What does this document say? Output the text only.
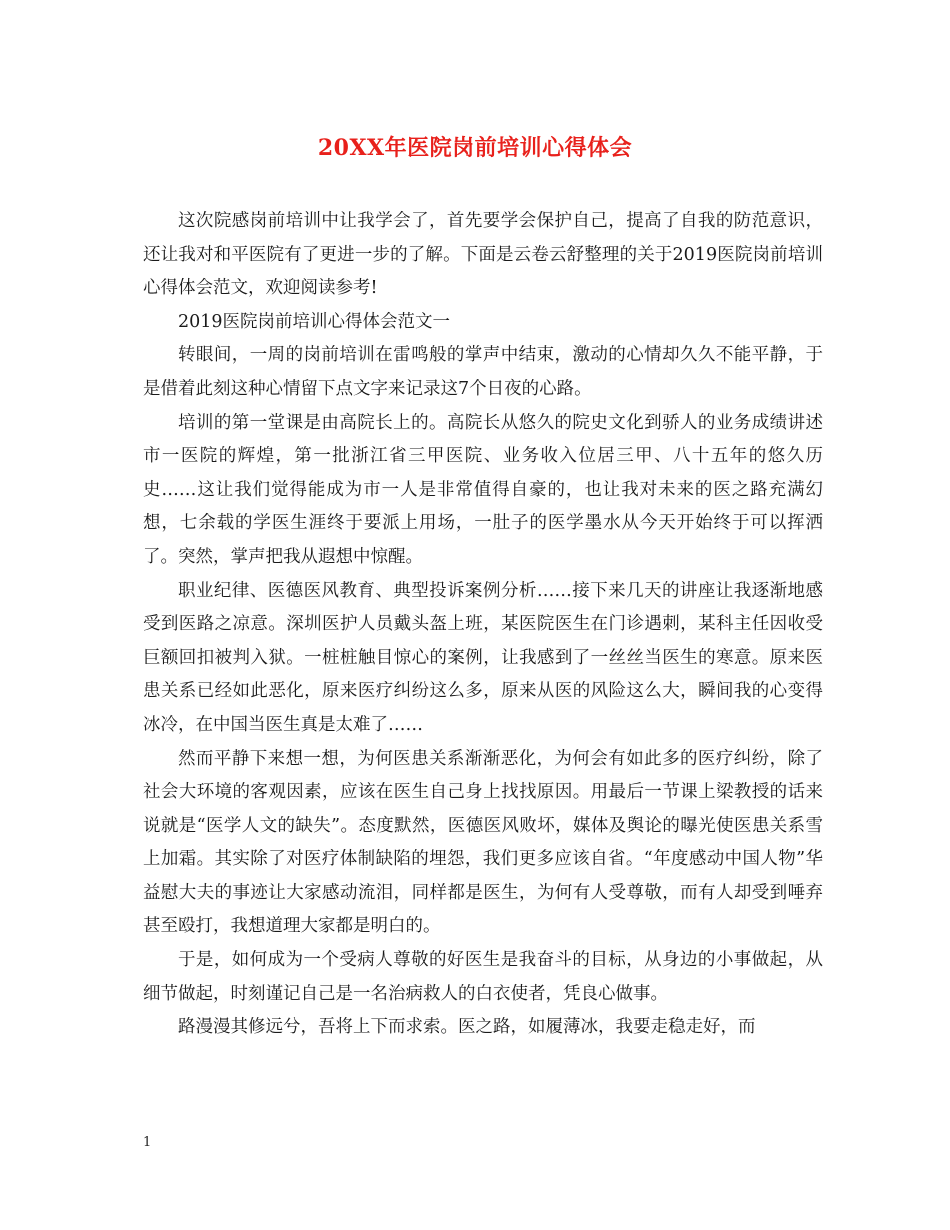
20XX年医院岗前培训心得体会

这次院感岗前培训中让我学会了，首先要学会保护自己，提高了自我的防范意识，还让我对和平医院有了更进一步的了解。下面是云卷云舒整理的关于2019医院岗前培训心得体会范文，欢迎阅读参考!

2019医院岗前培训心得体会范文一

转眼间，一周的岗前培训在雷鸣般的掌声中结束，激动的心情却久久不能平静，于是借着此刻这种心情留下点文字来记录这7个日夜的心路。

培训的第一堂课是由高院长上的。高院长从悠久的院史文化到骄人的业务成绩讲述市一医院的辉煌，第一批浙江省三甲医院、业务收入位居三甲、八十五年的悠久历史……这让我们觉得能成为市一人是非常值得自豪的，也让我对未来的医之路充满幻想，七余载的学医生涯终于要派上用场，一肚子的医学墨水从今天开始终于可以挥洒了。突然，掌声把我从遐想中惊醒。

职业纪律、医德医风教育、典型投诉案例分析……接下来几天的讲座让我逐渐地感受到医路之凉意。深圳医护人员戴头盔上班，某医院医生在门诊遇刺，某科主任因收受巨额回扣被判入狱。一桩桩触目惊心的案例，让我感到了一丝丝当医生的寒意。原来医患关系已经如此恶化，原来医疗纠纷这么多，原来从医的风险这么大，瞬间我的心变得冰冷，在中国当医生真是太难了……

然而平静下来想一想，为何医患关系渐渐恶化，为何会有如此多的医疗纠纷，除了社会大环境的客观因素，应该在医生自己身上找找原因。用最后一节课上梁教授的话来说就是“医学人文的缺失”。态度默然，医德医风败坏，媒体及舆论的曝光使医患关系雪上加霜。其实除了对医疗体制缺陷的埋怨，我们更多应该自省。“年度感动中国人物”华益慰大夫的事迹让大家感动流泪，同样都是医生，为何有人受尊敬，而有人却受到唾弃甚至殴打，我想道理大家都是明白的。

于是，如何成为一个受病人尊敬的好医生是我奋斗的目标，从身边的小事做起，从细节做起，时刻谨记自己是一名治病救人的白衣使者，凭良心做事。

路漫漫其修远兮，吾将上下而求索。医之路，如履薄冰，我要走稳走好，而

1
